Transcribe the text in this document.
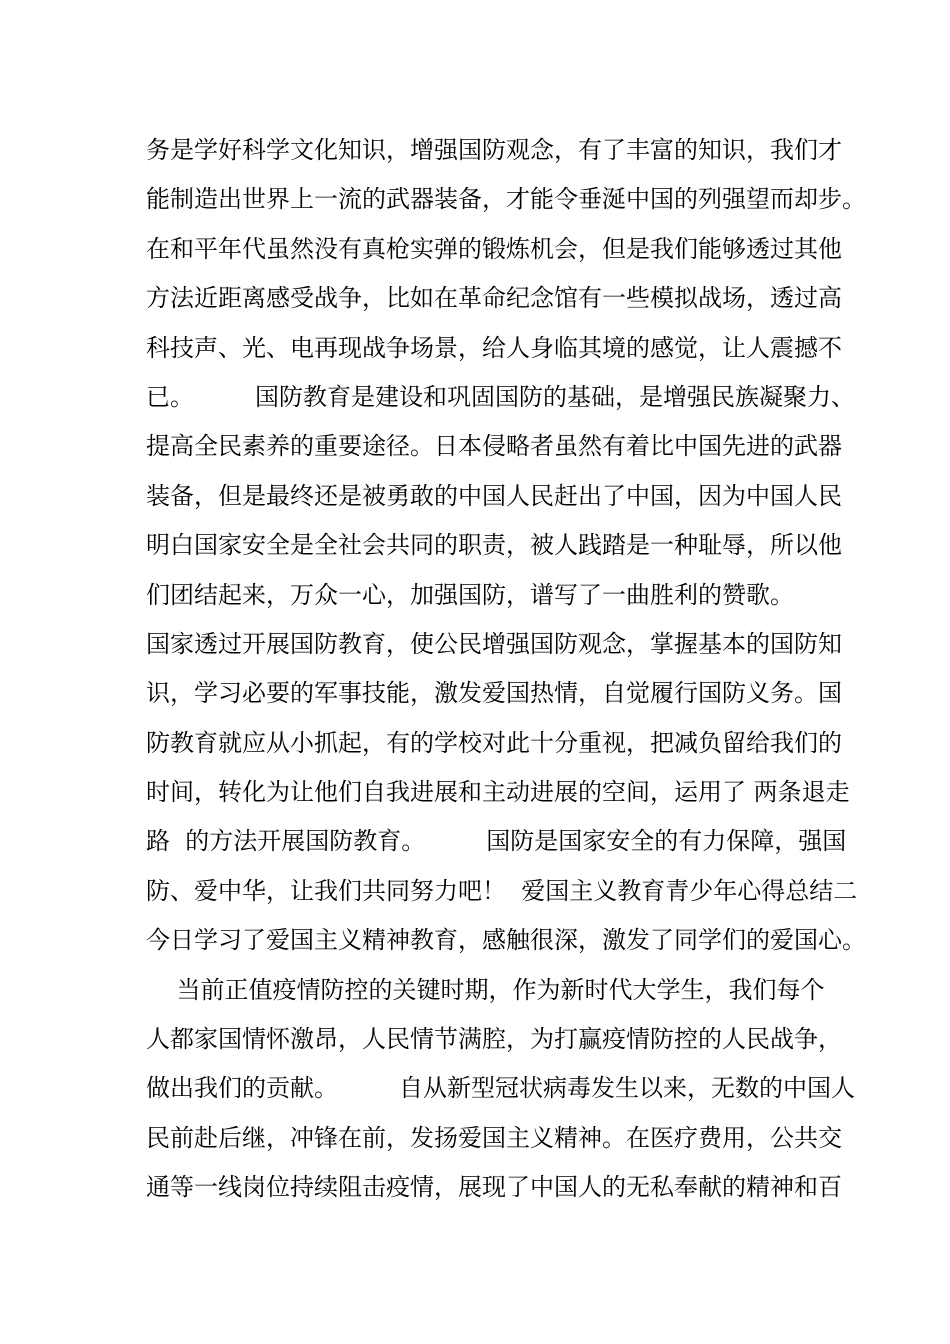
务是学好科学文化知识，增强国防观念，有了丰富的知识，我们才
能制造出世界上一流的武器装备，才能令垂涎中国的列强望而却步。
在和平年代虽然没有真枪实弹的锻炼机会，但是我们能够透过其他
方法近距离感受战争，比如在革命纪念馆有一些模拟战场，透过高
科技声、光、电再现战争场景，给人身临其境的感觉，让人震撼不
已。        国防教育是建设和巩固国防的基础，是增强民族凝聚力、
提高全民素养的重要途径。日本侵略者虽然有着比中国先进的武器
装备，但是最终还是被勇敢的中国人民赶出了中国，因为中国人民
明白国家安全是全社会共同的职责，被人践踏是一种耻辱，所以他
们团结起来，万众一心，加强国防，谱写了一曲胜利的赞歌。
国家透过开展国防教育，使公民增强国防观念，掌握基本的国防知
识，学习必要的军事技能，激发爱国热情，自觉履行国防义务。国
防教育就应从小抓起，有的学校对此十分重视，把减负留给我们的
时间，转化为让他们自我进展和主动进展的空间，运用了 两条退走
路  的方法开展国防教育。        国防是国家安全的有力保障，强国
防、爱中华，让我们共同努力吧！  爱国主义教育青少年心得总结二
今日学习了爱国主义精神教育，感触很深，激发了同学们的爱国心。
当前正值疫情防控的关键时期，作为新时代大学生，我们每个
人都家国情怀激昂，人民情节满腔，为打赢疫情防控的人民战争，
做出我们的贡献。        自从新型冠状病毒发生以来，无数的中国人
民前赴后继，冲锋在前，发扬爱国主义精神。在医疗费用，公共交
通等一线岗位持续阻击疫情，展现了中国人的无私奉献的精神和百
